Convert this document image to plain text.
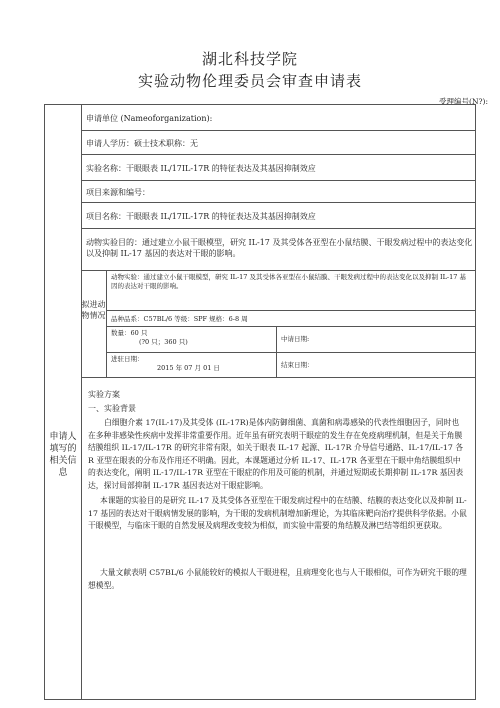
湖北科技学院
实验动物伦理委员会审查申请表
受理编号(N?):
申请人填写的相关信息
申请单位 (Nameoforganization):
申请人学历：硕士技术职称：无
实验名称：干眼眼表 IL/17IL-17R 的特征表达及其基因抑制效应
项目来源和编号：
项目名称：干眼眼表 IL/17IL-17R 的特征表达及其基因抑制效应
动物实验目的：通过建立小鼠干眼模型，研究 IL-17 及其受体各亚型在小鼠结膜、干眼发病过程中的表达变化以及抑制 IL-17 基因的表达对干眼的影响。
拟进动物情况
动物实验：通过建立小鼠干眼模型，研究 IL-17 及其受体各亚型在小鼠结膜、干眼发病过程中的表达变化以及抑制 IL-17 基因的表达对干眼的影响。
品种品系：C57BL/6 等级：SPF 规格：6-8 周
数量：60 只
(?0 只；360 只)	中请日期:
进驻日期：
2015 年 07 月 01 日	结束日期：
实验方案
一、实验背景
白细胞介素 17(IL-17)及其受体 (IL-17R)是体内防御细菌、真菌和病毒感染的代表性细胞因子，同时也在多种非感染性疾病中发挥非常重要作用。近年虽有研究表明干眼症的发生存在免疫病理机制，但是关于角膜结膜组织 IL-17/IL-17R 的研究非常有限，如关于眼表 IL-17 起源、IL-17R 介导信号通路、IL-17/IL-17 各 R 亚型在眼表的分布及作用还不明确。因此，本课题通过分析 IL-17、IL-17R 各亚型在干眼中角结膜组织中的表达变化，阐明 IL-17/IL-17R 亚型在干眼症的作用及可能的机制，并通过短期或长期抑制 IL-17R 基因表达，探讨局部抑制 IL-17R 基因表达对干眼症影响。
本课题的实验目的是研究 IL-17 及其受体各亚型在干眼发病过程中的在结膜、结膜的表达变化以及抑制 IL-17 基因的表达对干眼病情发展的影响，为干眼的发病机制增加新理论，为其临床靶向治疗提供科学依据。小鼠干眼模型，与临床干眼的自然发展及病理改变较为相似，而实验中需要的角结膜及淋巴结等组织更获取。
大量文献表明 C57BL/6 小鼠能较好的模拟人干眼进程，且病理变化也与人干眼相似，可作为研究干眼的理想模型。
